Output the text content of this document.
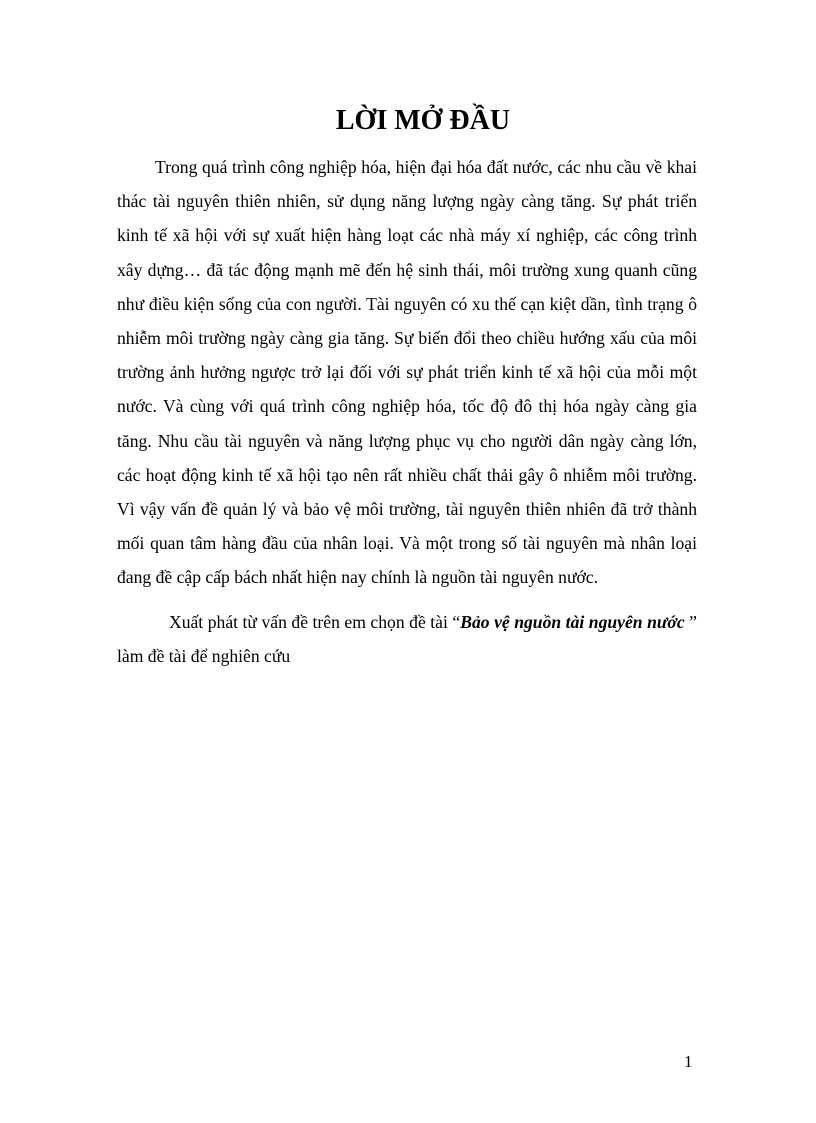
LỜI MỞ ĐẦU

Trong quá trình công nghiệp hóa, hiện đại hóa đất nước, các nhu cầu về khai thác tài nguyên thiên nhiên, sử dụng năng lượng ngày càng tăng. Sự phát triển kinh tế xã hội với sự xuất hiện hàng loạt các nhà máy xí nghiệp, các công trình xây dựng… đã tác động mạnh mẽ đến hệ sinh thái, môi trường xung quanh cũng như điều kiện sống của con người. Tài nguyên có xu thế cạn kiệt dần, tình trạng ô nhiễm môi trường ngày càng gia tăng. Sự biến đổi theo chiều hướng xấu của môi trường ảnh hưởng ngược trở lại đối với sự phát triển kinh tế xã hội của mỗi một nước. Và cùng với quá trình công nghiệp hóa, tốc độ đô thị hóa ngày càng gia tăng. Nhu cầu tài nguyên và năng lượng phục vụ cho người dân ngày càng lớn, các hoạt động kinh tế xã hội tạo nên rất nhiều chất thải gây ô nhiễm môi trường. Vì vậy vấn đề quản lý và bảo vệ môi trường, tài nguyên thiên nhiên đã trở thành mối quan tâm hàng đầu của nhân loại. Và một trong số tài nguyên mà nhân loại đang đề cập cấp bách nhất hiện nay chính là nguồn tài nguyên nước.

Xuất phát từ vấn đề trên em chọn đề tài “Bảo vệ nguồn tài nguyên nước ” làm đề tài để nghiên cứu

1
